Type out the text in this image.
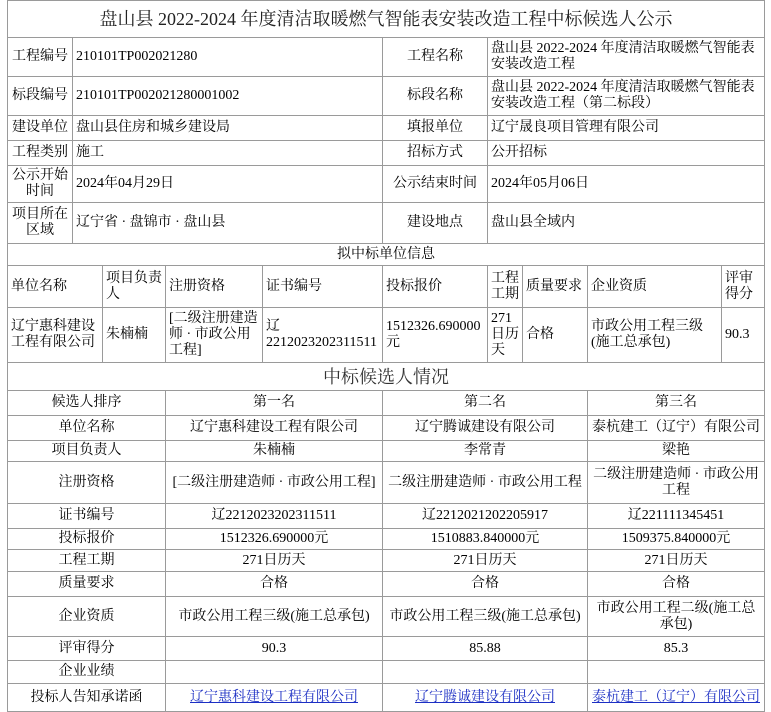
盘山县 2022-2024 年度清洁取暖燃气智能表安装改造工程中标候选人公示									
工程编号	210101TP002021280				工程名称	盘山县 2022-2024 年度清洁取暖燃气智能表安装改造工程			
标段编号	210101TP002021280001002				标段名称	盘山县 2022-2024 年度清洁取暖燃气智能表安装改造工程（第二标段）			
建设单位	盘山县住房和城乡建设局				填报单位	辽宁晟良项目管理有限公司			
工程类别	施工				招标方式	公开招标			
公示开始时间	2024年04月29日				公示结束时间	2024年05月06日			
项目所在区域	辽宁省 · 盘锦市 · 盘山县				建设地点	盘山县全域内			
拟中标单位信息									
单位名称		项目负责人	注册资格	证书编号	投标报价	工程工期	质量要求	企业资质	评审得分
辽宁惠科建设工程有限公司		朱楠楠	[二级注册建造师 · 市政公用工程]	辽2212023202311511	1512326.690000元	271日历天	合格	市政公用工程三级(施工总承包)	90.3
中标候选人情况									
候选人排序			第一名		第二名			第三名	
单位名称			辽宁惠科建设工程有限公司		辽宁腾诚建设有限公司			泰杭建工（辽宁）有限公司	
项目负责人			朱楠楠		李常青			梁艳	
注册资格			[二级注册建造师 · 市政公用工程]		二级注册建造师 · 市政公用工程			二级注册建造师 · 市政公用工程	
证书编号			辽2212023202311511		辽2212021202205917			辽221111345451	
投标报价			1512326.690000元		1510883.840000元			1509375.840000元	
工程工期			271日历天		271日历天			271日历天	
质量要求			合格		合格			合格	
企业资质			市政公用工程三级(施工总承包)		市政公用工程三级(施工总承包)			市政公用工程二级(施工总承包)	
评审得分			90.3		85.88			85.3	
企业业绩									
投标人告知承诺函			辽宁惠科建设工程有限公司		辽宁腾诚建设有限公司			泰杭建工（辽宁）有限公司	
